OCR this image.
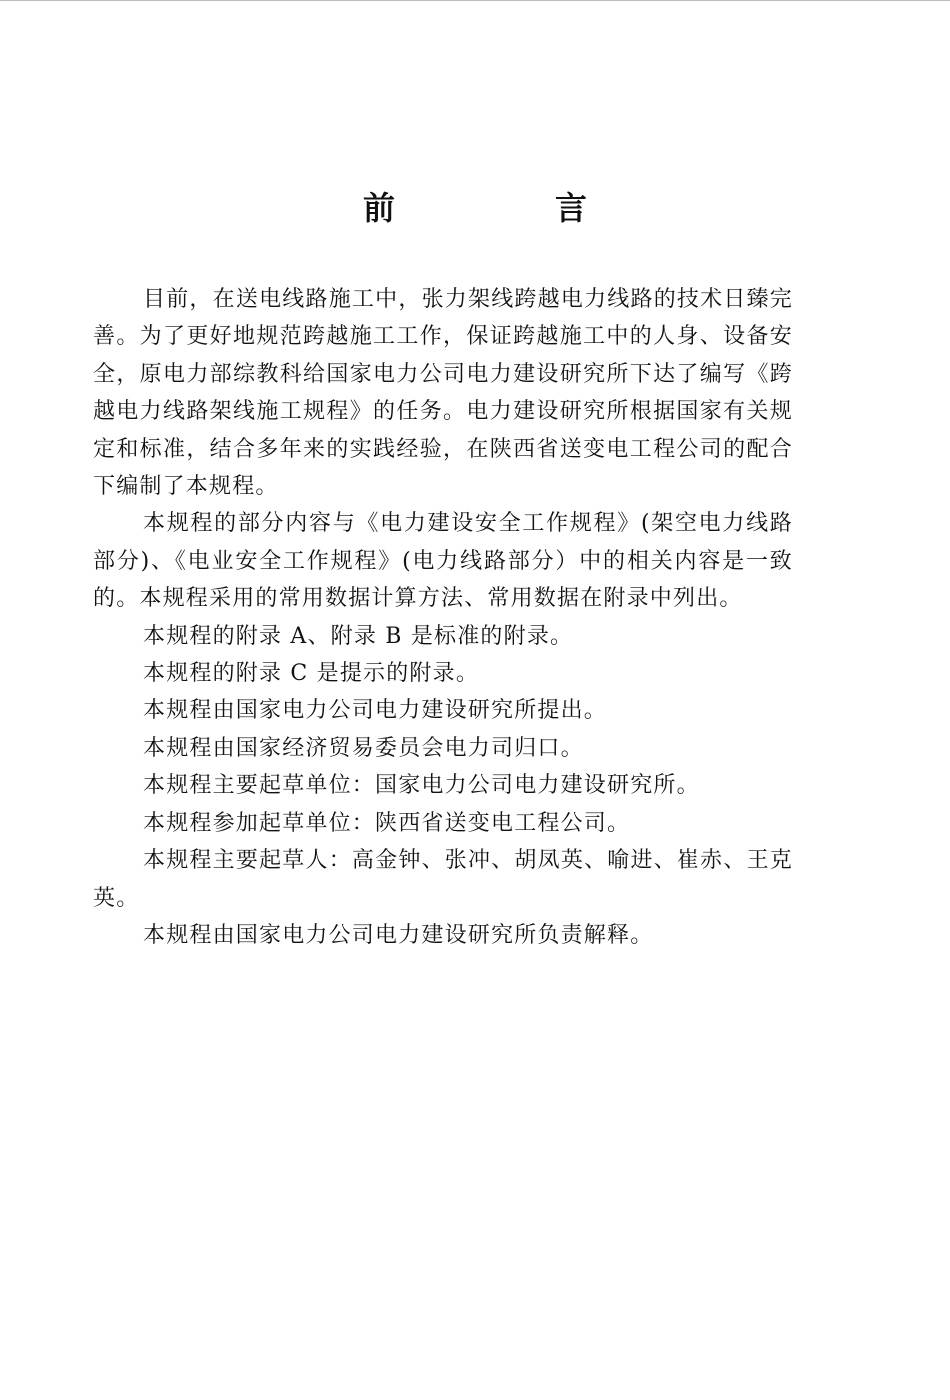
前　言

目前，在送电线路施工中，张力架线跨越电力线路的技术日臻完善。为了更好地规范跨越施工工作，保证跨越施工中的人身、设备安全，原电力部综教科给国家电力公司电力建设研究所下达了编写《跨越电力线路架线施工规程》的任务。电力建设研究所根据国家有关规定和标准，结合多年来的实践经验，在陕西省送变电工程公司的配合下编制了本规程。

本规程的部分内容与《电力建设安全工作规程》(架空电力线路部分)、《电业安全工作规程》(电力线路部分）中的相关内容是一致的。本规程采用的常用数据计算方法、常用数据在附录中列出。

本规程的附录 A、附录 B 是标准的附录。

本规程的附录 C 是提示的附录。

本规程由国家电力公司电力建设研究所提出。

本规程由国家经济贸易委员会电力司归口。

本规程主要起草单位：国家电力公司电力建设研究所。

本规程参加起草单位：陕西省送变电工程公司。

本规程主要起草人：高金钟、张冲、胡凤英、喻进、崔赤、王克英。

本规程由国家电力公司电力建设研究所负责解释。
